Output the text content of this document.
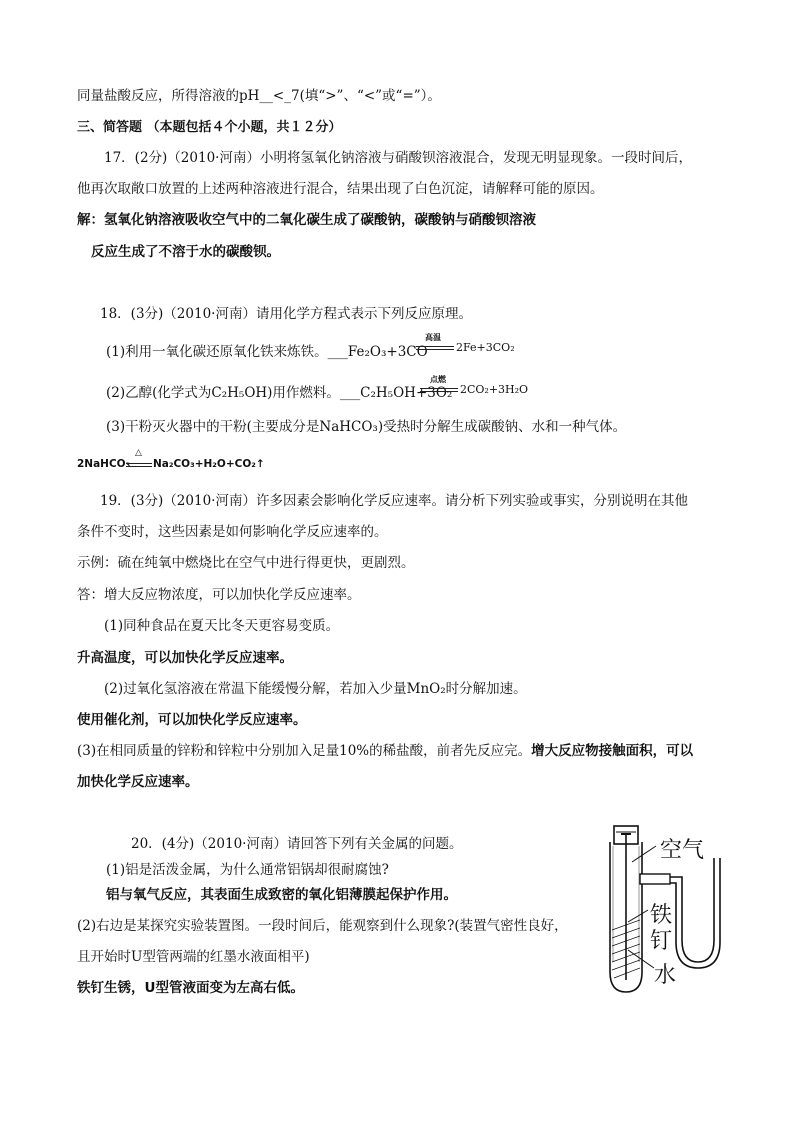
同量盐酸反应，所得溶液的pH__<_7(填“>”、“<”或“=”）。
三、简答题 （本题包括４个小题，共１２分）
17．(2分)（2010·河南）小明将氢氧化钠溶液与硝酸钡溶液混合，发现无明显现象。一段时间后，
他再次取敞口放置的上述两种溶液进行混合，结果出现了白色沉淀，请解释可能的原因。
解：氢氧化钠溶液吸收空气中的二氧化碳生成了碳酸钠，碳酸钠与硝酸钡溶液
反应生成了不溶于水的碳酸钡。
18．(3分)（2010·河南）请用化学方程式表示下列反应原理。
(1)利用一氧化碳还原氧化铁来炼铁。___Fe₂O₃+3CO
高温
2Fe+3CO₂
(2)乙醇(化学式为C₂H₅OH)用作燃料。___C₂H₅OH+3O₂
点燃
2CO₂+3H₂O
(3)干粉灭火器中的干粉(主要成分是NaHCO₃)受热时分解生成碳酸钠、水和一种气体。
2NaHCO₃
△
Na₂CO₃+H₂O+CO₂↑
19．(3分)（2010·河南）许多因素会影响化学反应速率。请分析下列实验或事实，分别说明在其他
条件不变时，这些因素是如何影响化学反应速率的。
示例：硫在纯氧中燃烧比在空气中进行得更快，更剧烈。
答：增大反应物浓度，可以加快化学反应速率。
(1)同种食品在夏天比冬天更容易变质。
升高温度，可以加快化学反应速率。
(2)过氧化氢溶液在常温下能缓慢分解，若加入少量MnO₂时分解加速。
使用催化剂，可以加快化学反应速率。
(3)在相同质量的锌粉和锌粒中分别加入足量10%的稀盐酸，前者先反应完。增大反应物接触面积，可以
加快化学反应速率。
20．(4分)（2010·河南）请回答下列有关金属的问题。
(1)铝是活泼金属，为什么通常铝锅却很耐腐蚀?
铝与氧气反应，其表面生成致密的氧化铝薄膜起保护作用。
(2)右边是某探究实验装置图。一段时间后，能观察到什么现象?(装置气密性良好，
且开始时U型管两端的红墨水液面相平)
铁钉生锈，U型管液面变为左高右低。
空气
铁
钉
水
